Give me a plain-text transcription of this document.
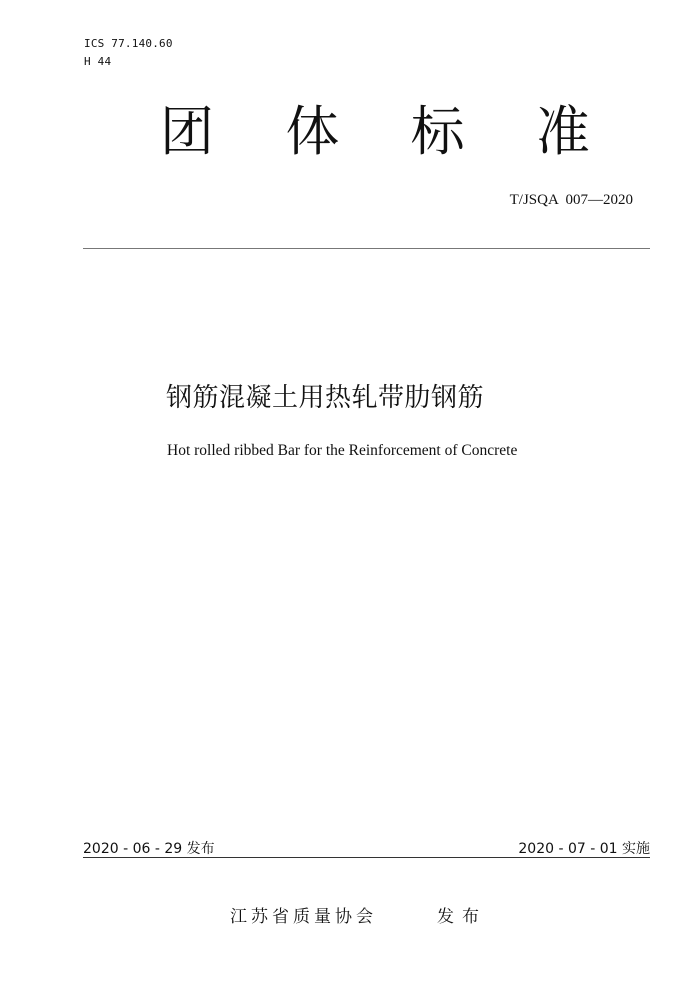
ICS 77.140.60
H 44
团 体 标 准
T/JSQA  007—2020
钢筋混凝土用热轧带肋钢筋
Hot rolled ribbed Bar for the Reinforcement of Concrete
2020 - 06 - 29 发布	2020 - 07 - 01 实施
江苏省质量协会	发布
